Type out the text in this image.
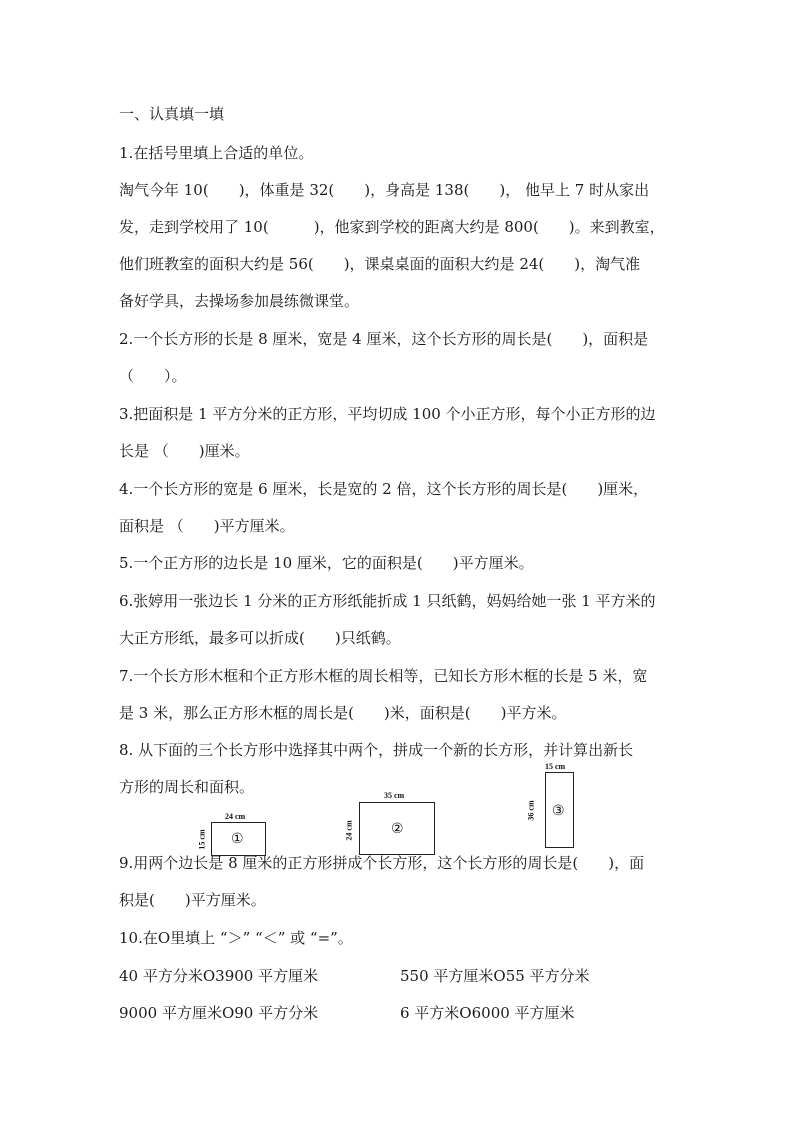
一、认真填一填
1.在括号里填上合适的单位。
淘气今年 10(　　)，体重是 32(　　)，身高是 138(　　)， 他早上 7 时从家出
发，走到学校用了 10(　　　)，他家到学校的距离大约是 800(　　)。来到教室，
他们班教室的面积大约是 56(　　)，课桌桌面的面积大约是 24(　　)，淘气准
备好学具，去操场参加晨练微课堂。
2.一个长方形的长是 8 厘米，宽是 4 厘米，这个长方形的周长是(　　)，面积是
（　　）。
3.把面积是 1 平方分米的正方形，平均切成 100 个小正方形，每个小正方形的边
长是 （　　)厘米。
4.一个长方形的宽是 6 厘米，长是宽的 2 倍，这个长方形的周长是(　　)厘米，
面积是 （　　)平方厘米。
5.一个正方形的边长是 10 厘米，它的面积是(　　)平方厘米。
6.张婷用一张边长 1 分米的正方形纸能折成 1 只纸鹤，妈妈给她一张 1 平方米的
大正方形纸，最多可以折成(　　)只纸鹤。
7.一个长方形木框和个正方形木框的周长相等，已知长方形木框的长是 5 米，宽
是 3 米，那么正方形木框的周长是(　　)米，面积是(　　)平方米。
8. 从下面的三个长方形中选择其中两个，拼成一个新的长方形，并计算出新长
方形的周长和面积。
24 cm
15 cm ①
35 cm
24 cm	②
15 cm
36 cm ③
9.用两个边长是 8 厘米的正方形拼成个长方形，这个长方形的周长是(　　)，面
积是(　　)平方厘米。
10.在O里填上 “＞” “＜” 或 “=”。
40 平方分米O3900 平方厘米	550 平方厘米O55 平方分米
9000 平方厘米O90 平方分米	6 平方米O6000 平方厘米
